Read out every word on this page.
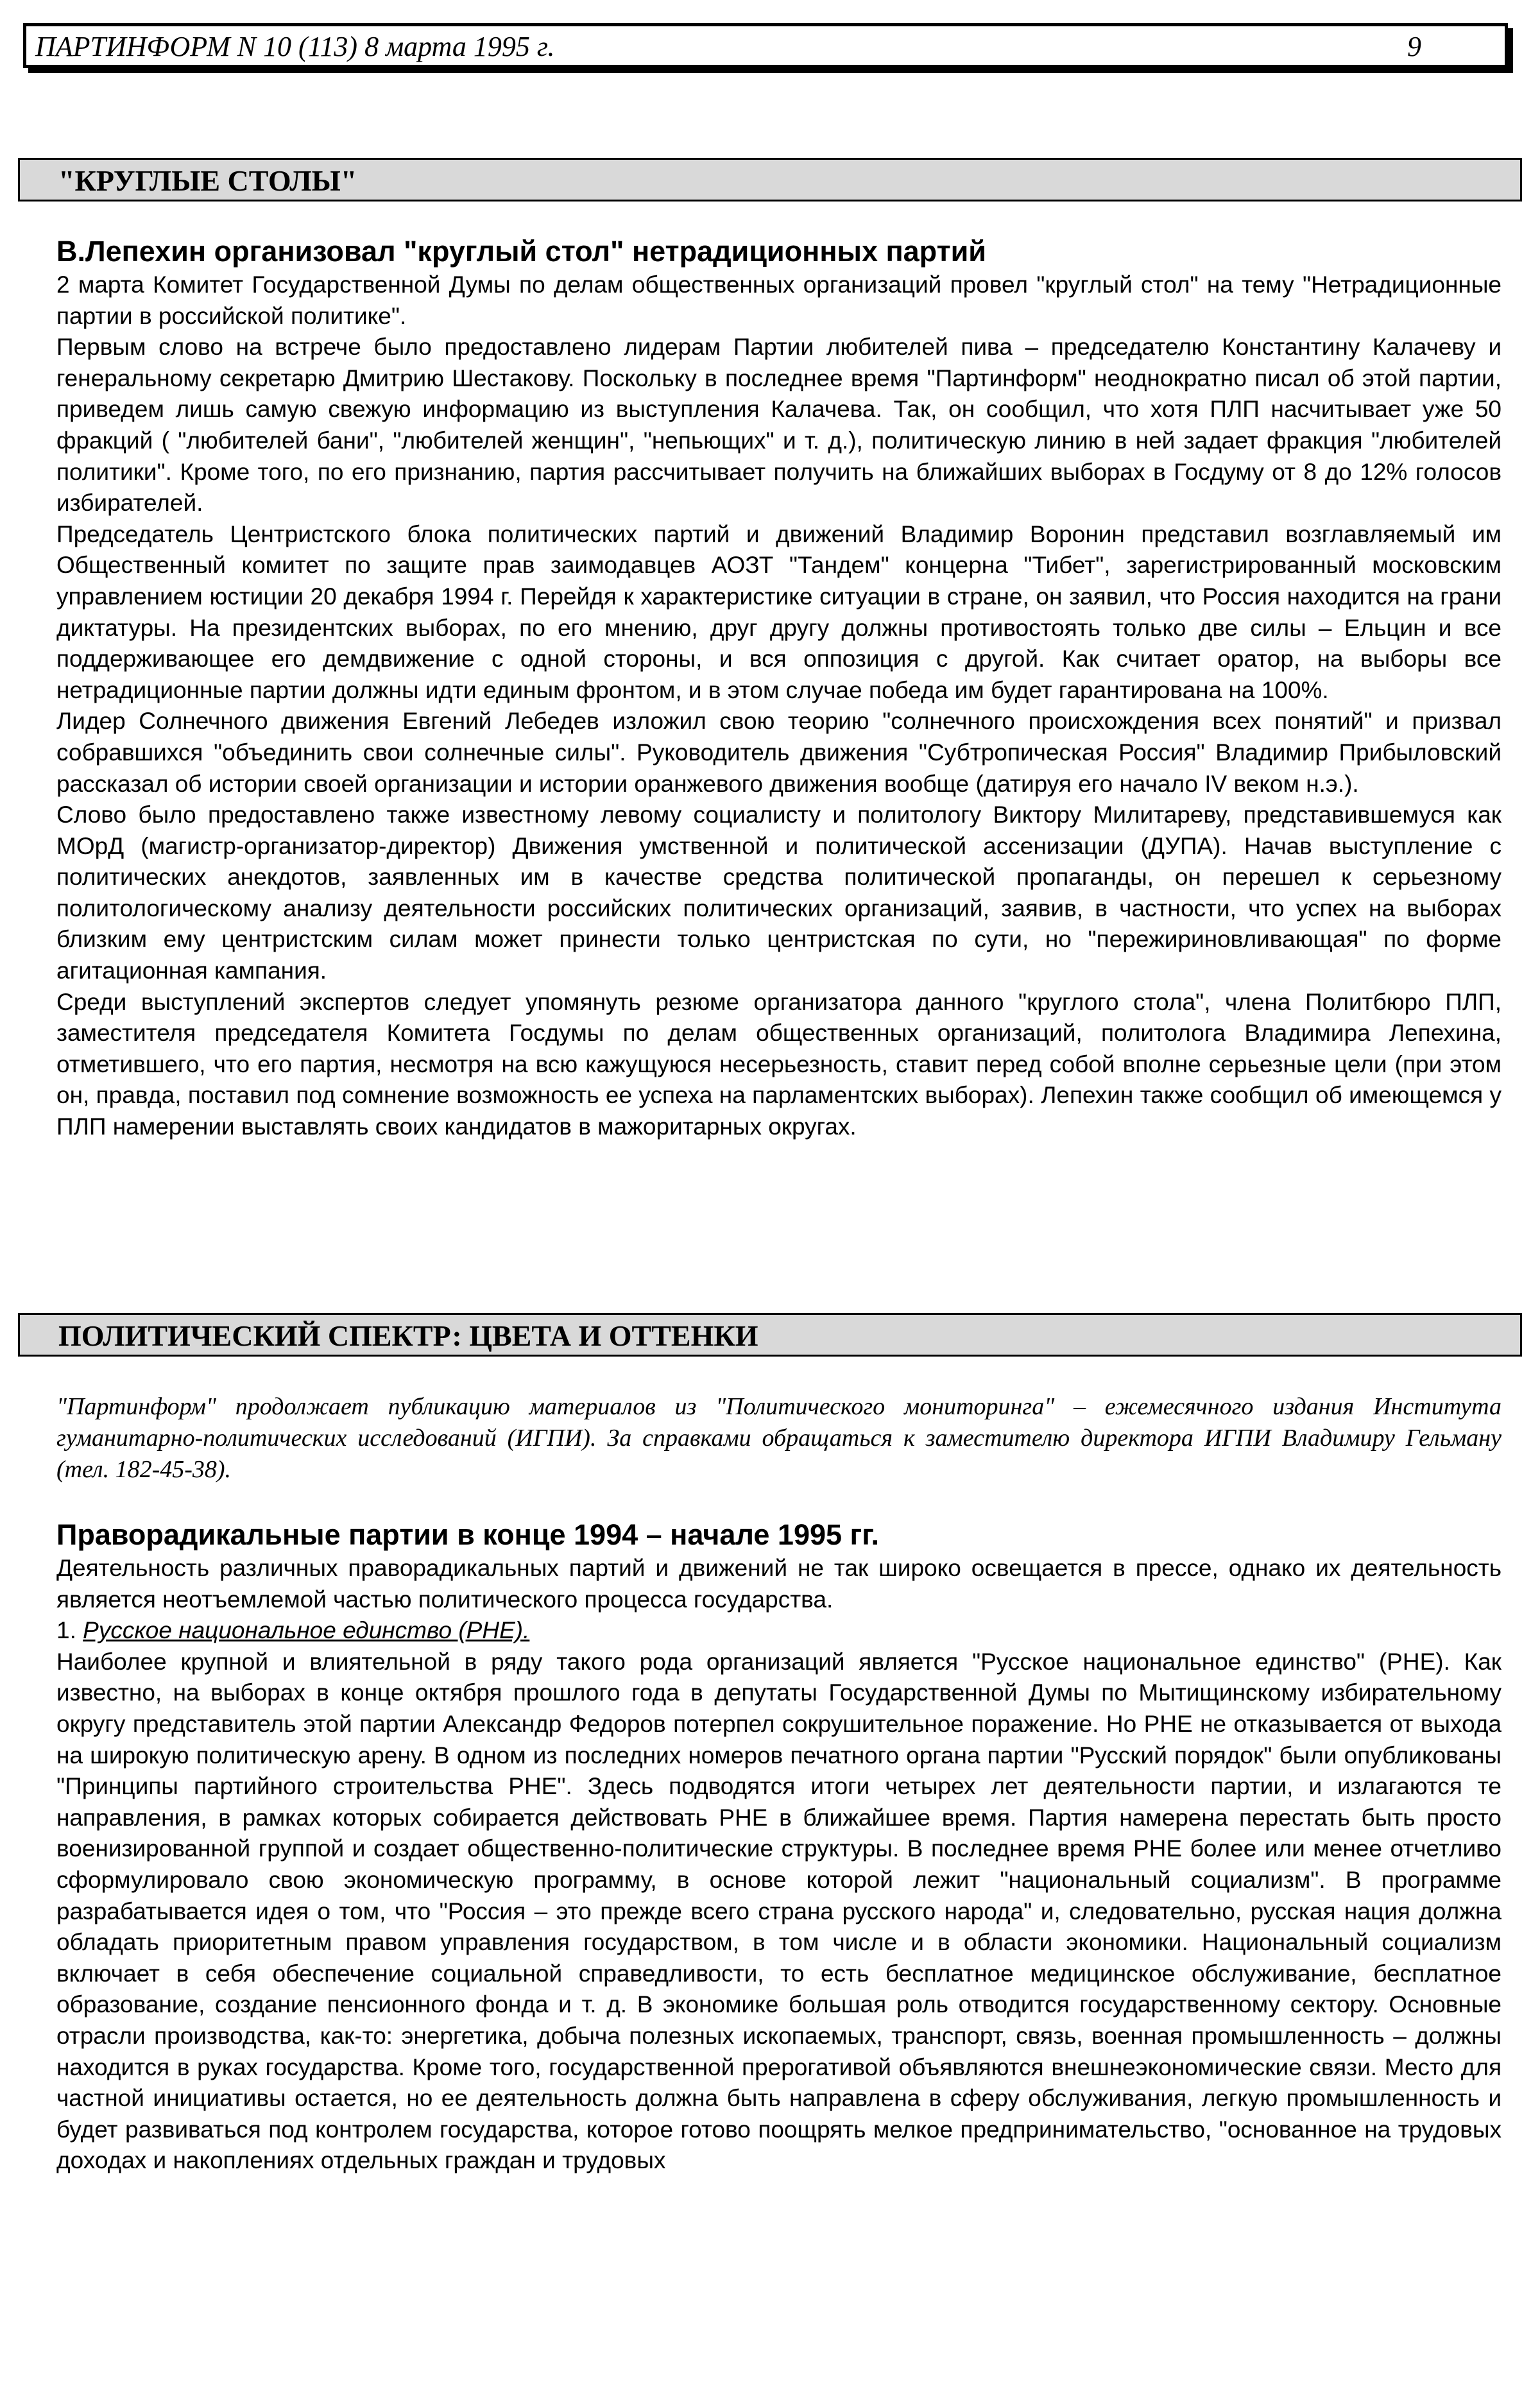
ПАРТИНФОРМ N 10 (113) 8 марта 1995 г.	9
"КРУГЛЫЕ СТОЛЫ"
В.Лепехин организовал "круглый стол" нетрадиционных партий

2 марта Комитет Государственной Думы по делам общественных организаций провел "круглый стол" на тему "Нетрадиционные партии в российской политике".

Первым слово на встрече было предоставлено лидерам Партии любителей пива – председателю Константину Калачеву и генеральному секретарю Дмитрию Шестакову. Поскольку в последнее время "Партинформ" неоднократно писал об этой партии, приведем лишь самую свежую информацию из выступления Калачева. Так, он сообщил, что хотя ПЛП насчитывает уже 50 фракций ( "любителей бани", "любителей женщин", "непьющих" и т. д.), политическую линию в ней задает фракция "любителей политики". Кроме того, по его признанию, партия рассчитывает получить на ближайших выборах в Госдуму от 8 до 12% голосов избирателей.

Председатель Центристского блока политических партий и движений Владимир Воронин представил возглавляемый им Общественный комитет по защите прав заимодавцев АОЗТ "Тандем" концерна "Тибет", зарегистрированный московским управлением юстиции 20 декабря 1994 г. Перейдя к характеристике ситуации в стране, он заявил, что Россия находится на грани диктатуры. На президентских выборах, по его мнению, друг другу должны противостоять только две силы – Ельцин и все поддерживающее его демдвижение с одной стороны, и вся оппозиция с другой. Как считает оратор, на выборы все нетрадиционные партии должны идти единым фронтом, и в этом случае победа им будет гарантирована на 100%.

Лидер Солнечного движения Евгений Лебедев изложил свою теорию "солнечного происхождения всех понятий" и призвал собравшихся "объединить свои солнечные силы". Руководитель движения "Субтропическая Россия" Владимир Прибыловский рассказал об истории своей организации и истории оранжевого движения вообще (датируя его начало IV веком н.э.).

Слово было предоставлено также известному левому социалисту и политологу Виктору Милитареву, представившемуся как МОрД (магистр-организатор-директор) Движения умственной и политической ассенизации (ДУПА). Начав выступление с политических анекдотов, заявленных им в качестве средства политической пропаганды, он перешел к серьезному политологическому анализу деятельности российских политических организаций, заявив, в частности, что успех на выборах близким ему центристским силам может принести только центристская по сути, но "пережириновливающая" по форме агитационная кампания.

Среди выступлений экспертов следует упомянуть резюме организатора данного "круглого стола", члена Политбюро ПЛП, заместителя председателя Комитета Госдумы по делам общественных организаций, политолога Владимира Лепехина, отметившего, что его партия, несмотря на всю кажущуюся несерьезность, ставит перед собой вполне серьезные цели (при этом он, правда, поставил под сомнение возможность ее успеха на парламентских выборах). Лепехин также сообщил об имеющемся у ПЛП намерении выставлять своих кандидатов в мажоритарных округах.

ПОЛИТИЧЕСКИЙ СПЕКТР: ЦВЕТА И ОТТЕНКИ
"Партинформ" продолжает публикацию материалов из "Политического мониторинга" – ежемесячного издания Института гуманитарно-политических исследований (ИГПИ). За справками обращаться к заместителю директора ИГПИ Владимиру Гельману (тел. 182-45-38).
Праворадикальные партии в конце 1994 – начале 1995 гг.

Деятельность различных праворадикальных партий и движений не так широко освещается в прессе, однако их деятельность является неотъемлемой частью политического процесса государства.

1. Русское национальное единство (РНЕ).

Наиболее крупной и влиятельной в ряду такого рода организаций является "Русское национальное единство" (РНЕ). Как известно, на выборах в конце октября прошлого года в депутаты Государственной Думы по Мытищинскому избирательному округу представитель этой партии Александр Федоров потерпел сокрушительное поражение. Но РНЕ не отказывается от выхода на широкую политическую арену. В одном из последних номеров печатного органа партии "Русский порядок" были опубликованы "Принципы партийного строительства РНЕ". Здесь подводятся итоги четырех лет деятельности партии, и излагаются те направления, в рамках которых собирается действовать РНЕ в ближайшее время. Партия намерена перестать быть просто военизированной группой и создает общественно-политические структуры. В последнее время РНЕ более или менее отчетливо сформулировало свою экономическую программу, в основе которой лежит "национальный социализм". В программе разрабатывается идея о том, что "Россия – это прежде всего страна русского народа" и, следовательно, русская нация должна обладать приоритетным правом управления государством, в том числе и в области экономики. Национальный социализм включает в себя обеспечение социальной справедливости, то есть бесплатное медицинское обслуживание, бесплатное образование, создание пенсионного фонда и т. д. В экономике большая роль отводится государственному сектору. Основные отрасли производства, как-то: энергетика, добыча полезных ископаемых, транспорт, связь, военная промышленность – должны находится в руках государства. Кроме того, государственной прерогативой объявляются внешнеэкономические связи. Место для частной инициативы остается, но ее деятельность должна быть направлена в сферу обслуживания, легкую промышленность и будет развиваться под контролем государства, которое готово поощрять мелкое предпринимательство, "основанное на трудовых доходах и накоплениях отдельных граждан и трудовых
